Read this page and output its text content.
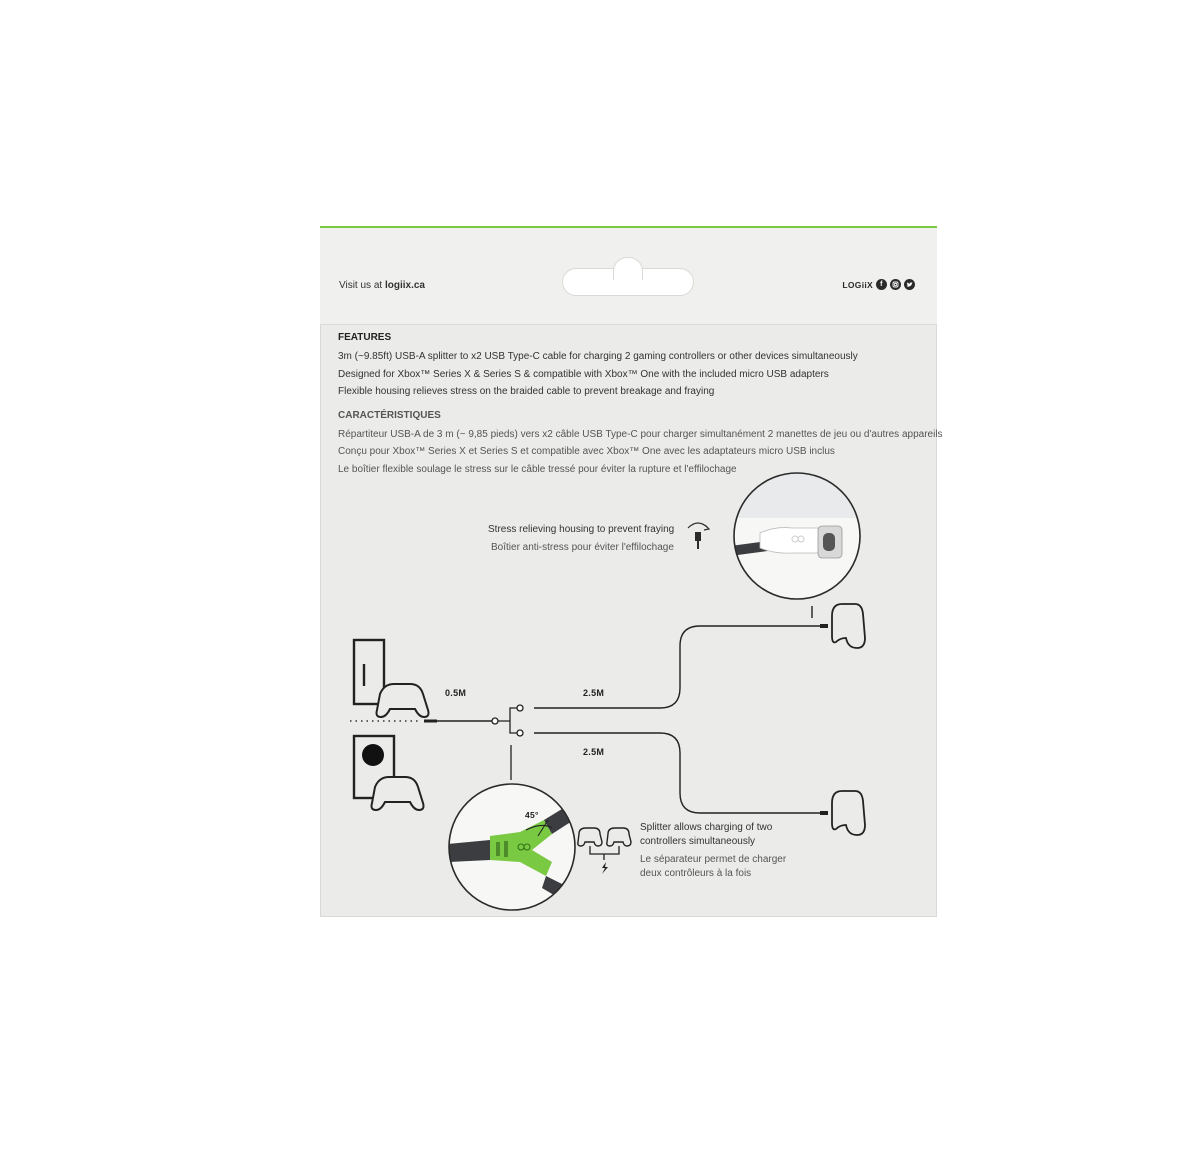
Visit us at logiix.ca	LOGiiX	f
FEATURES
3m (~9.85ft) USB-A splitter to x2 USB Type-C cable for charging 2 gaming controllers or other devices simultaneously
Designed for Xbox™ Series X & Series S & compatible with Xbox™ One with the included micro USB adapters
Flexible housing relieves stress on the braided cable to prevent breakage and fraying
CARACTÉRISTIQUES
Répartiteur USB-A de 3 m (~ 9,85 pieds) vers x2 câble USB Type-C pour charger simultanément 2 manettes de jeu ou d'autres appareils
Conçu pour Xbox™ Series X et Series S et compatible avec Xbox™ One avec les adaptateurs micro USB inclus
Le boîtier flexible soulage le stress sur le câble tressé pour éviter la rupture et l'effilochage
Stress relieving housing to prevent fraying
Boîtier anti-stress pour éviter l'effilochage
0.5M	2.5M
2.5M
45°
Splitter allows charging of two
controllers simultaneously
Le séparateur permet de charger
deux contrôleurs à la fois
